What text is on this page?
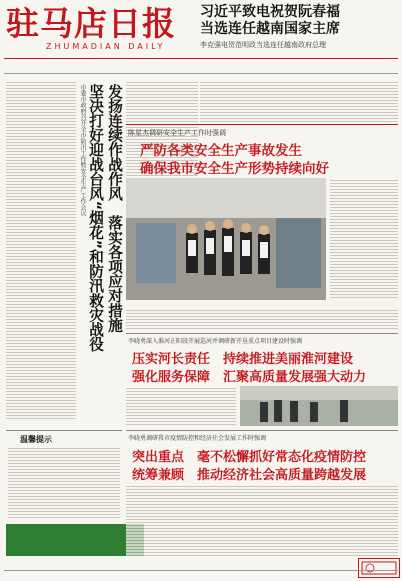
驻马店日报
ZHUMADIAN DAILY
习近平致电祝贺阮春福
当选连任越南国家主席
李克强电贺范明政当选连任越南政府总理
市委市政府召开全市防汛工作暨安全生产工作会议 坚决打好迎战台风“烟花”和防汛救灾战役 发扬连续作战作风　落实各项应对措施 陈星杰调研安全生产工作时强调
严防各类安全生产事故发生
确保我市安全生产形势持续向好
李晓勇深入淮河正阳段开展巡河并调研新开垦重点项目建设时强调
压实河长责任　持续推进美丽淮河建设
强化服务保障　汇聚高质量发展强大动力
温馨提示	李晓勇调研我市疫情防控和经济社会发展工作时强调
突出重点　毫不松懈抓好常态化疫情防控
统筹兼顾　推动经济社会高质量跨越发展
